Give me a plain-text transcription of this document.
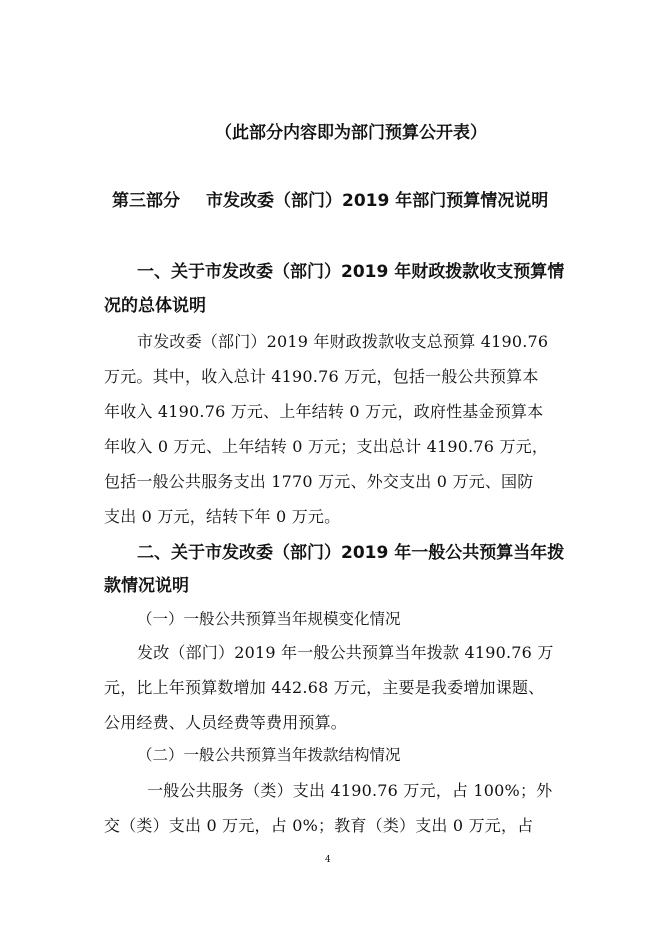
（此部分内容即为部门预算公开表）
第三部分 市发改委（部门）2019 年部门预算情况说明
一、关于市发改委（部门）2019 年财政拨款收支预算情
况的总体说明
市发改委（部门）2019 年财政拨款收支总预算 4190.76
万元。其中，收入总计 4190.76 万元，包括一般公共预算本
年收入 4190.76 万元、上年结转 0 万元，政府性基金预算本
年收入 0 万元、上年结转 0 万元；支出总计 4190.76 万元，
包括一般公共服务支出 1770 万元、外交支出 0 万元、国防
支出 0 万元，结转下年 0 万元。
二、关于市发改委（部门）2019 年一般公共预算当年拨
款情况说明
（一）一般公共预算当年规模变化情况
发改（部门）2019 年一般公共预算当年拨款 4190.76 万
元，比上年预算数增加 442.68 万元，主要是我委增加课题、
公用经费、人员经费等费用预算。
（二）一般公共预算当年拨款结构情况
一般公共服务（类）支出 4190.76 万元，占 100%；外
交（类）支出 0 万元，占 0%；教育（类）支出 0 万元，占
4
